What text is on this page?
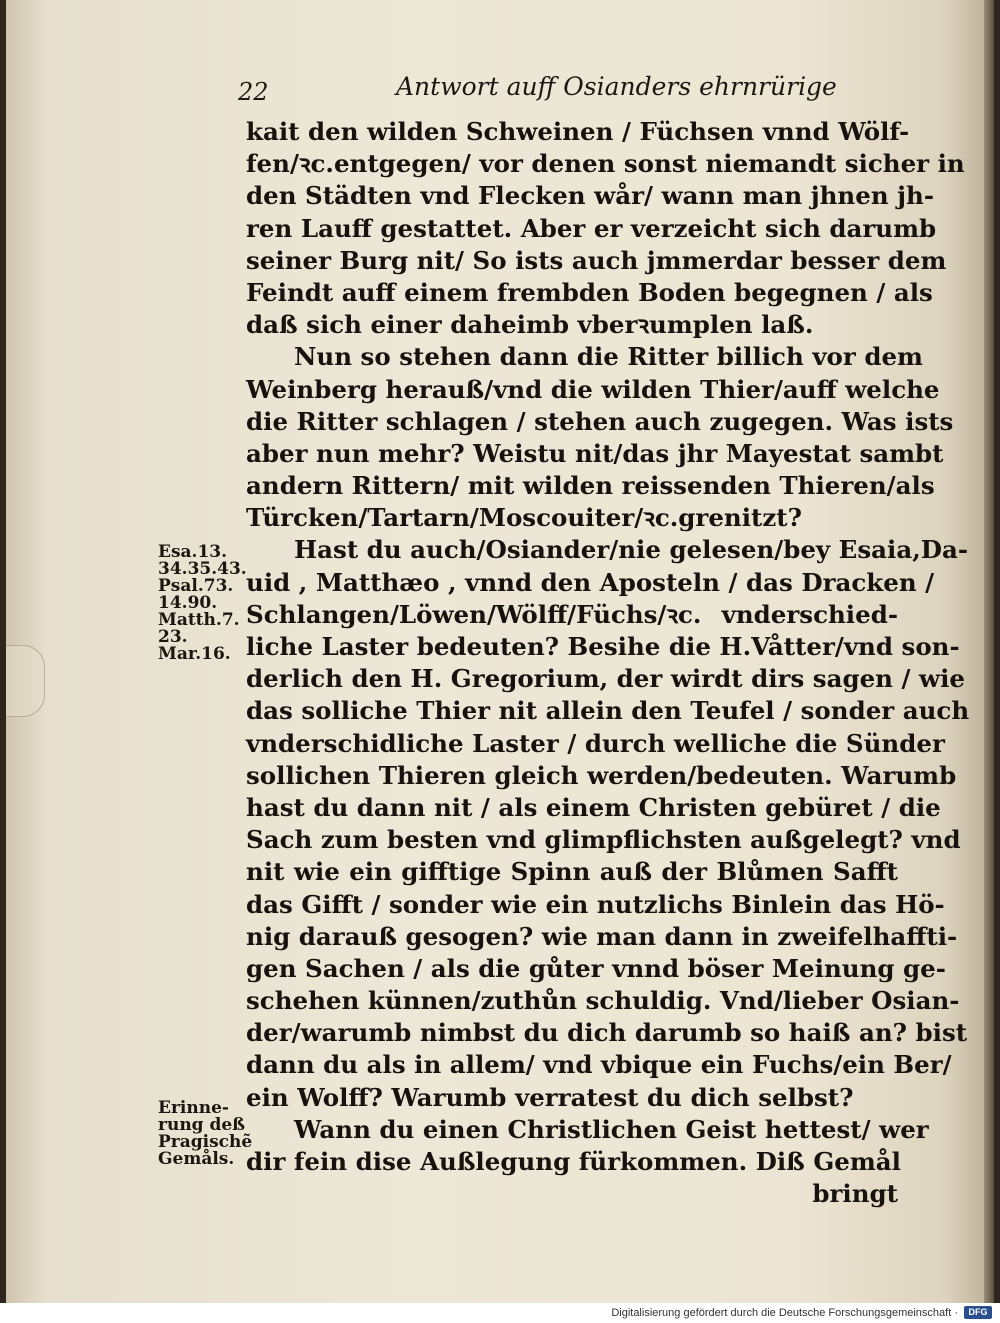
22	Antwort auff Osianders ehrnrürige
kait den wilden Schweinen / Füchsen vnnd Wölf-
fen/ꝛc.entgegen/ vor denen sonst niemandt sicher in
den Städten vnd Flecken wår/ wann man jhnen jh-
ren Lauff gestattet. Aber er verzeicht sich darumb
seiner Burg nit/ So ists auch jmmerdar besser dem
Feindt auff einem frembden Boden begegnen / als
daß sich einer daheimb vberꝛumplen laß.
Nun so stehen dann die Ritter billich vor dem
Weinberg herauß/vnd die wilden Thier/auff welche
die Ritter schlagen / stehen auch zugegen. Was ists
aber nun mehr? Weistu nit/das jhr Mayestat sambt
andern Rittern/ mit wilden reissenden Thieren/als
Türcken/Tartarn/Moscouiter/ꝛc.grenitzt?
Hast du auch/Osiander/nie gelesen/bey Esaia,Da-
uid , Matthæo , vnnd den Aposteln / das Dracken /
Schlangen/Löwen/Wölff/Füchs/ꝛc. vnderschied-
liche Laster bedeuten? Besihe die H.Våtter/vnd son-
derlich den H. Gregorium, der wirdt dirs sagen / wie
das solliche Thier nit allein den Teufel / sonder auch
vnderschidliche Laster / durch welliche die Sünder
sollichen Thieren gleich werden/bedeuten. Warumb
hast du dann nit / als einem Christen gebüret / die
Sach zum besten vnd glimpflichsten außgelegt? vnd
nit wie ein gifftige Spinn auß der Blůmen Safft
das Gifft / sonder wie ein nutzlichs Binlein das Hö-
nig darauß gesogen? wie man dann in zweifelhaffti-
gen Sachen / als die gůter vnnd böser Meinung ge-
schehen künnen/zuthůn schuldig. Vnd/lieber Osian-
der/warumb nimbst du dich darumb so haiß an? bist
dann du als in allem/ vnd vbique ein Fuchs/ein Ber/
ein Wolff? Warumb verratest du dich selbst?
Wann du einen Christlichen Geist hettest/ wer
dir fein dise Außlegung fürkommen. Diß Gemål
bringt
Esa.13.
34.35.43.
Psal.73.
14.90.
Matth.7.
23.
Mar.16.
Erinne-
rung deß
Pragischẽ
Gemåls.
Digitalisierung gefördert durch die Deutsche Forschungsgemeinschaft ·	DFG
